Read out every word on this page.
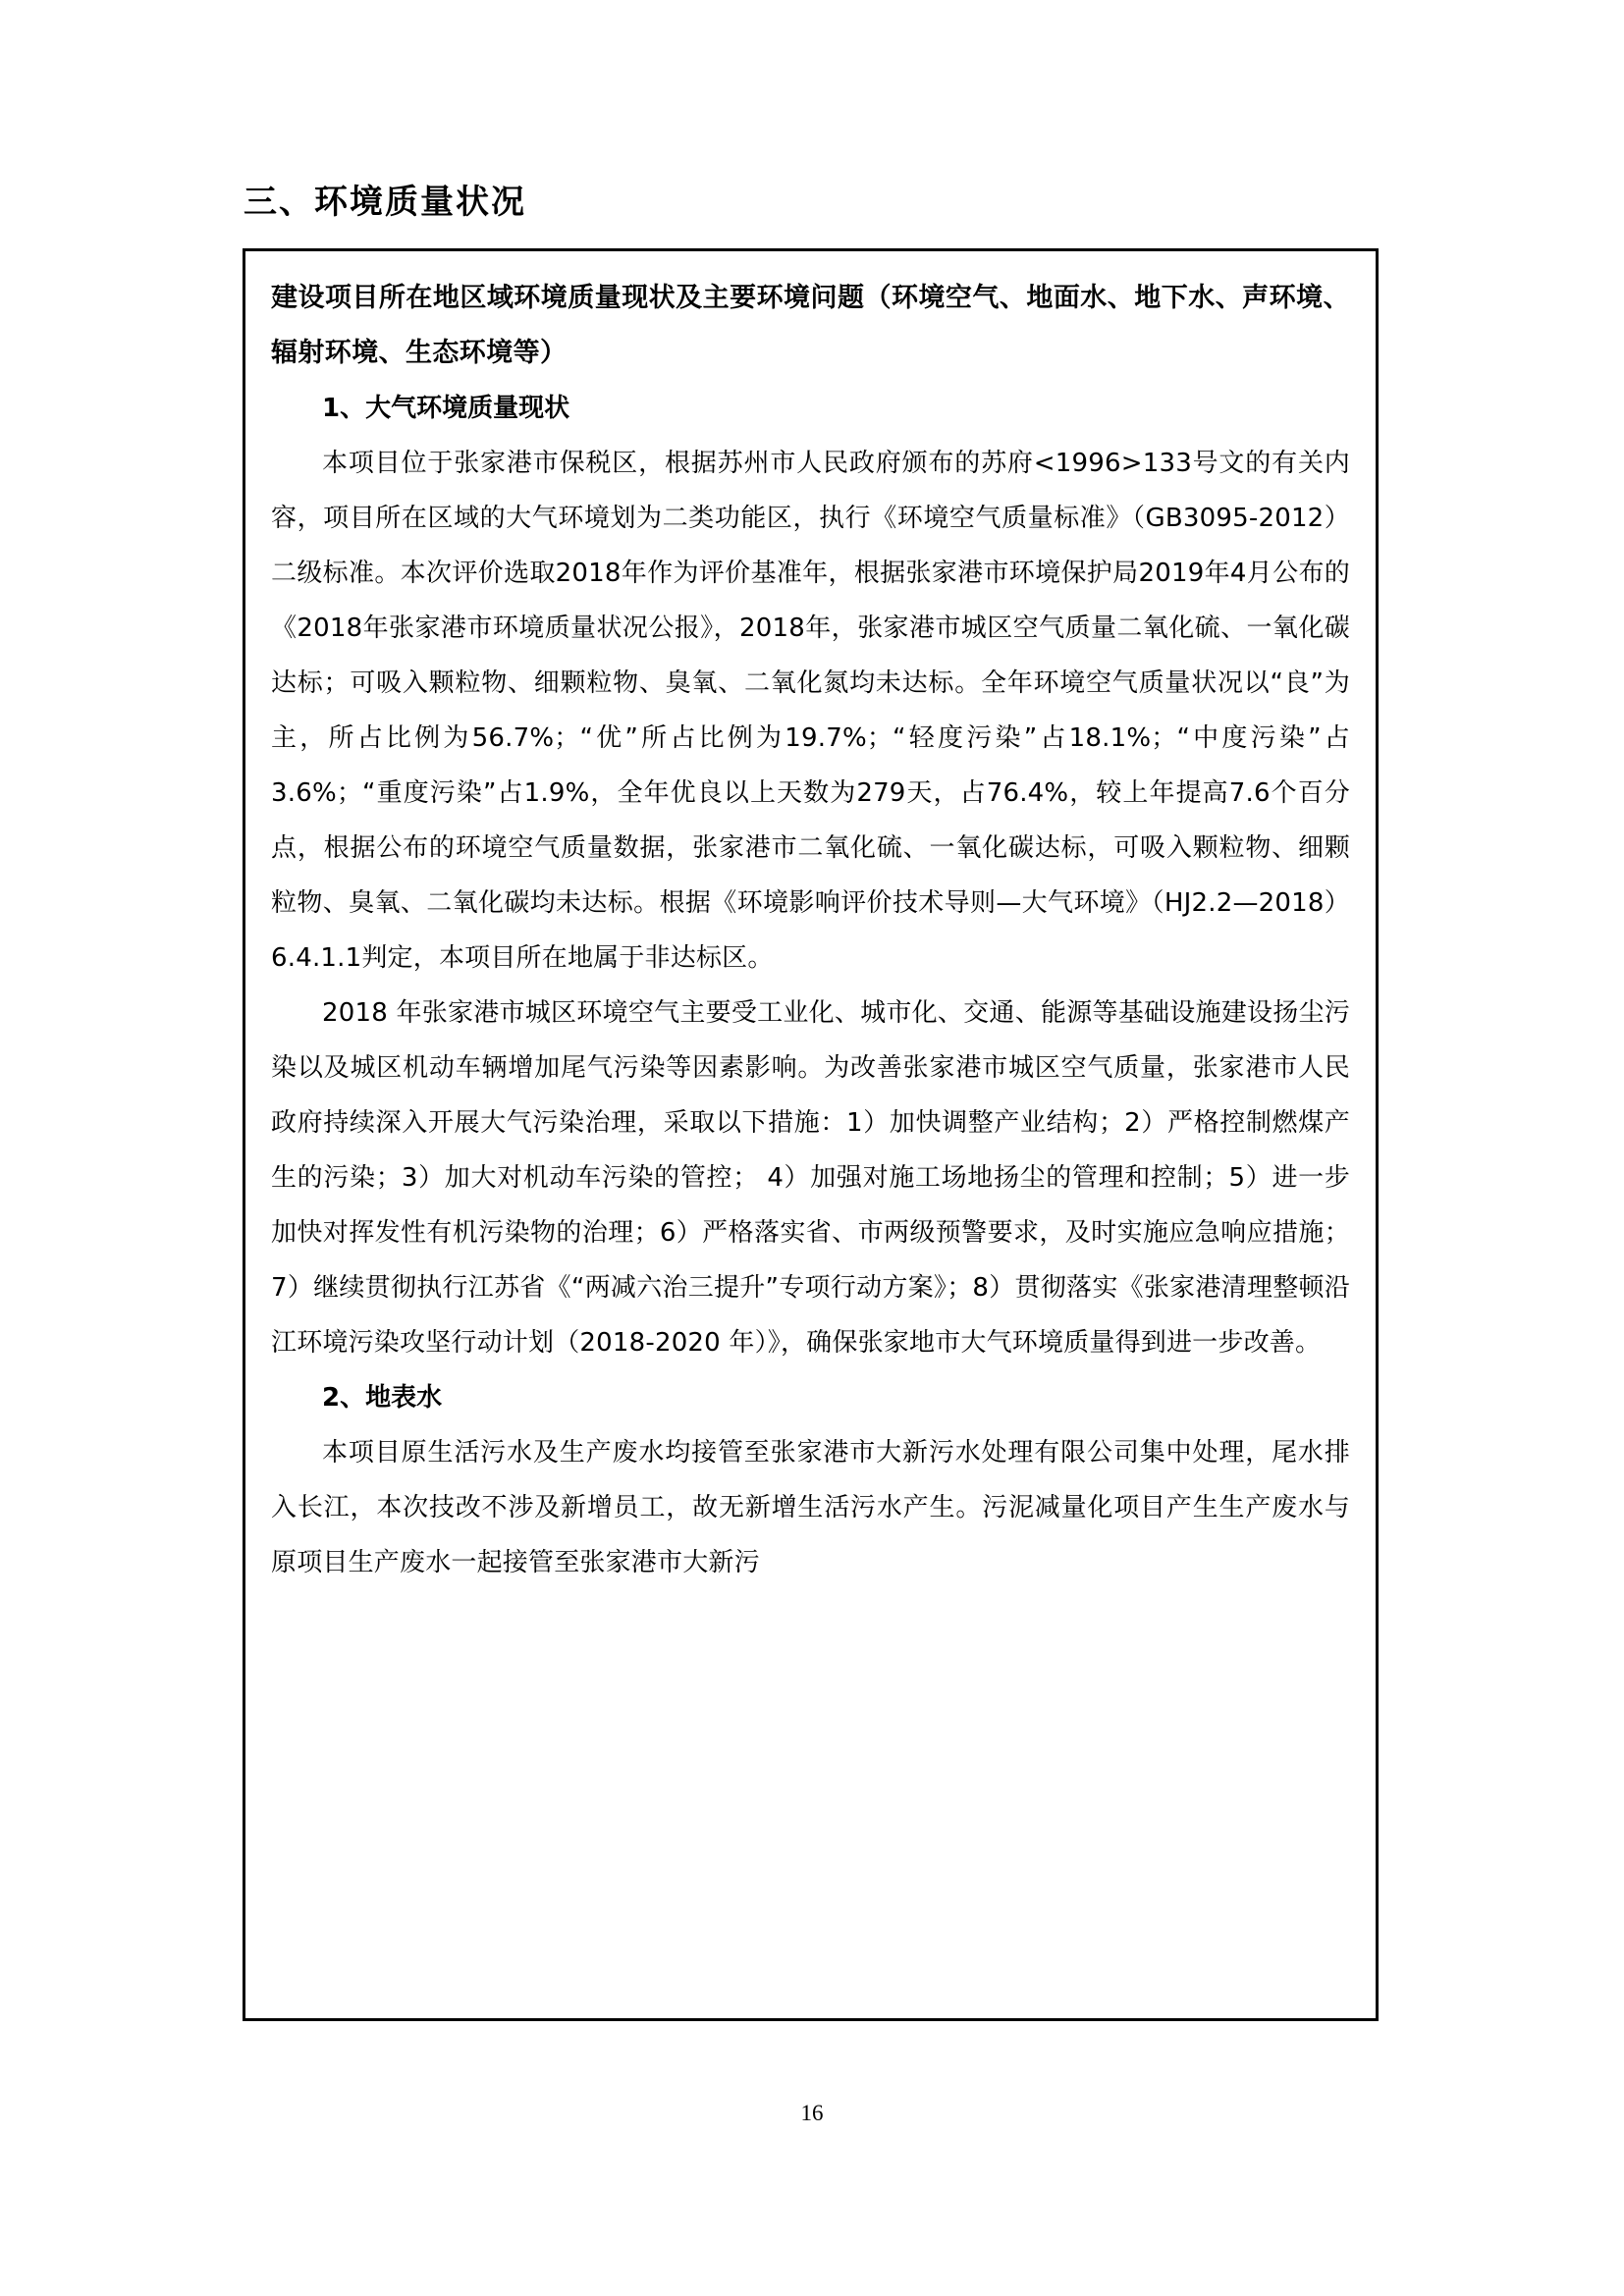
三、环境质量状况
建设项目所在地区域环境质量现状及主要环境问题（环境空气、地面水、地下水、声环境、辐射环境、生态环境等）
1、大气环境质量现状

本项目位于张家港市保税区，根据苏州市人民政府颁布的苏府<1996>133号文的有关内容，项目所在区域的大气环境划为二类功能区，执行《环境空气质量标准》（GB3095-2012）二级标准。本次评价选取2018年作为评价基准年，根据张家港市环境保护局2019年4月公布的《2018年张家港市环境质量状况公报》，2018年，张家港市城区空气质量二氧化硫、一氧化碳达标；可吸入颗粒物、细颗粒物、臭氧、二氧化氮均未达标。全年环境空气质量状况以“良”为主，所占比例为56.7%；“优”所占比例为19.7%；“轻度污染”占18.1%；“中度污染”占3.6%；“重度污染”占1.9%，全年优良以上天数为279天，占76.4%，较上年提高7.6个百分点，根据公布的环境空气质量数据，张家港市二氧化硫、一氧化碳达标，可吸入颗粒物、细颗粒物、臭氧、二氧化碳均未达标。根据《环境影响评价技术导则—大气环境》（HJ2.2—2018）6.4.1.1判定，本项目所在地属于非达标区。

2018 年张家港市城区环境空气主要受工业化、城市化、交通、能源等基础设施建设扬尘污染以及城区机动车辆增加尾气污染等因素影响。为改善张家港市城区空气质量，张家港市人民政府持续深入开展大气污染治理，采取以下措施：1）加快调整产业结构；2）严格控制燃煤产生的污染；3）加大对机动车污染的管控； 4）加强对施工场地扬尘的管理和控制；5）进一步加快对挥发性有机污染物的治理；6）严格落实省、市两级预警要求，及时实施应急响应措施；7）继续贯彻执行江苏省《“两减六治三提升”专项行动方案》；8）贯彻落实《张家港清理整顿沿江环境污染攻坚行动计划（2018-2020 年）》，确保张家地市大气环境质量得到进一步改善。

2、地表水

本项目原生活污水及生产废水均接管至张家港市大新污水处理有限公司集中处理，尾水排入长江，本次技改不涉及新增员工，故无新增生活污水产生。污泥减量化项目产生生产废水与原项目生产废水一起接管至张家港市大新污

16
